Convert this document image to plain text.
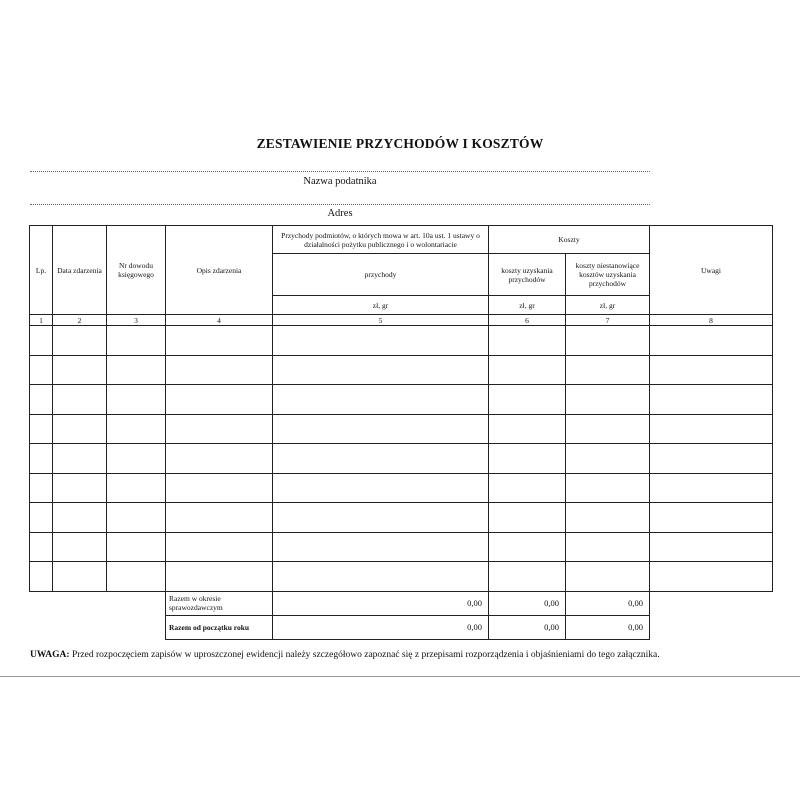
ZESTAWIENIE PRZYCHODÓW I KOSZTÓW
Nazwa podatnika
Adres
Lp.	Data zdarzenia	Nr dowodu księgowego	Opis zdarzenia	Przychody podmiotów, o których mowa w art. 10a ust. 1 ustawy o działalności pożytku publicznego i o wolontariacie	Koszty		Uwagi
				przychody	koszty uzyskania przychodów	koszty niestanowiące kosztów uzyskania przychodów	
				zł, gr	zł, gr	zł, gr	
1	2	3	4	5	6	7	8

			Razem w okresie sprawozdawczym	0,00	0,00	0,00	
			Razem od początku roku	0,00	0,00	0,00	
UWAGA: Przed rozpoczęciem zapisów w uproszczonej ewidencji należy szczegółowo zapoznać się z przepisami rozporządzenia i objaśnieniami do tego załącznika.
